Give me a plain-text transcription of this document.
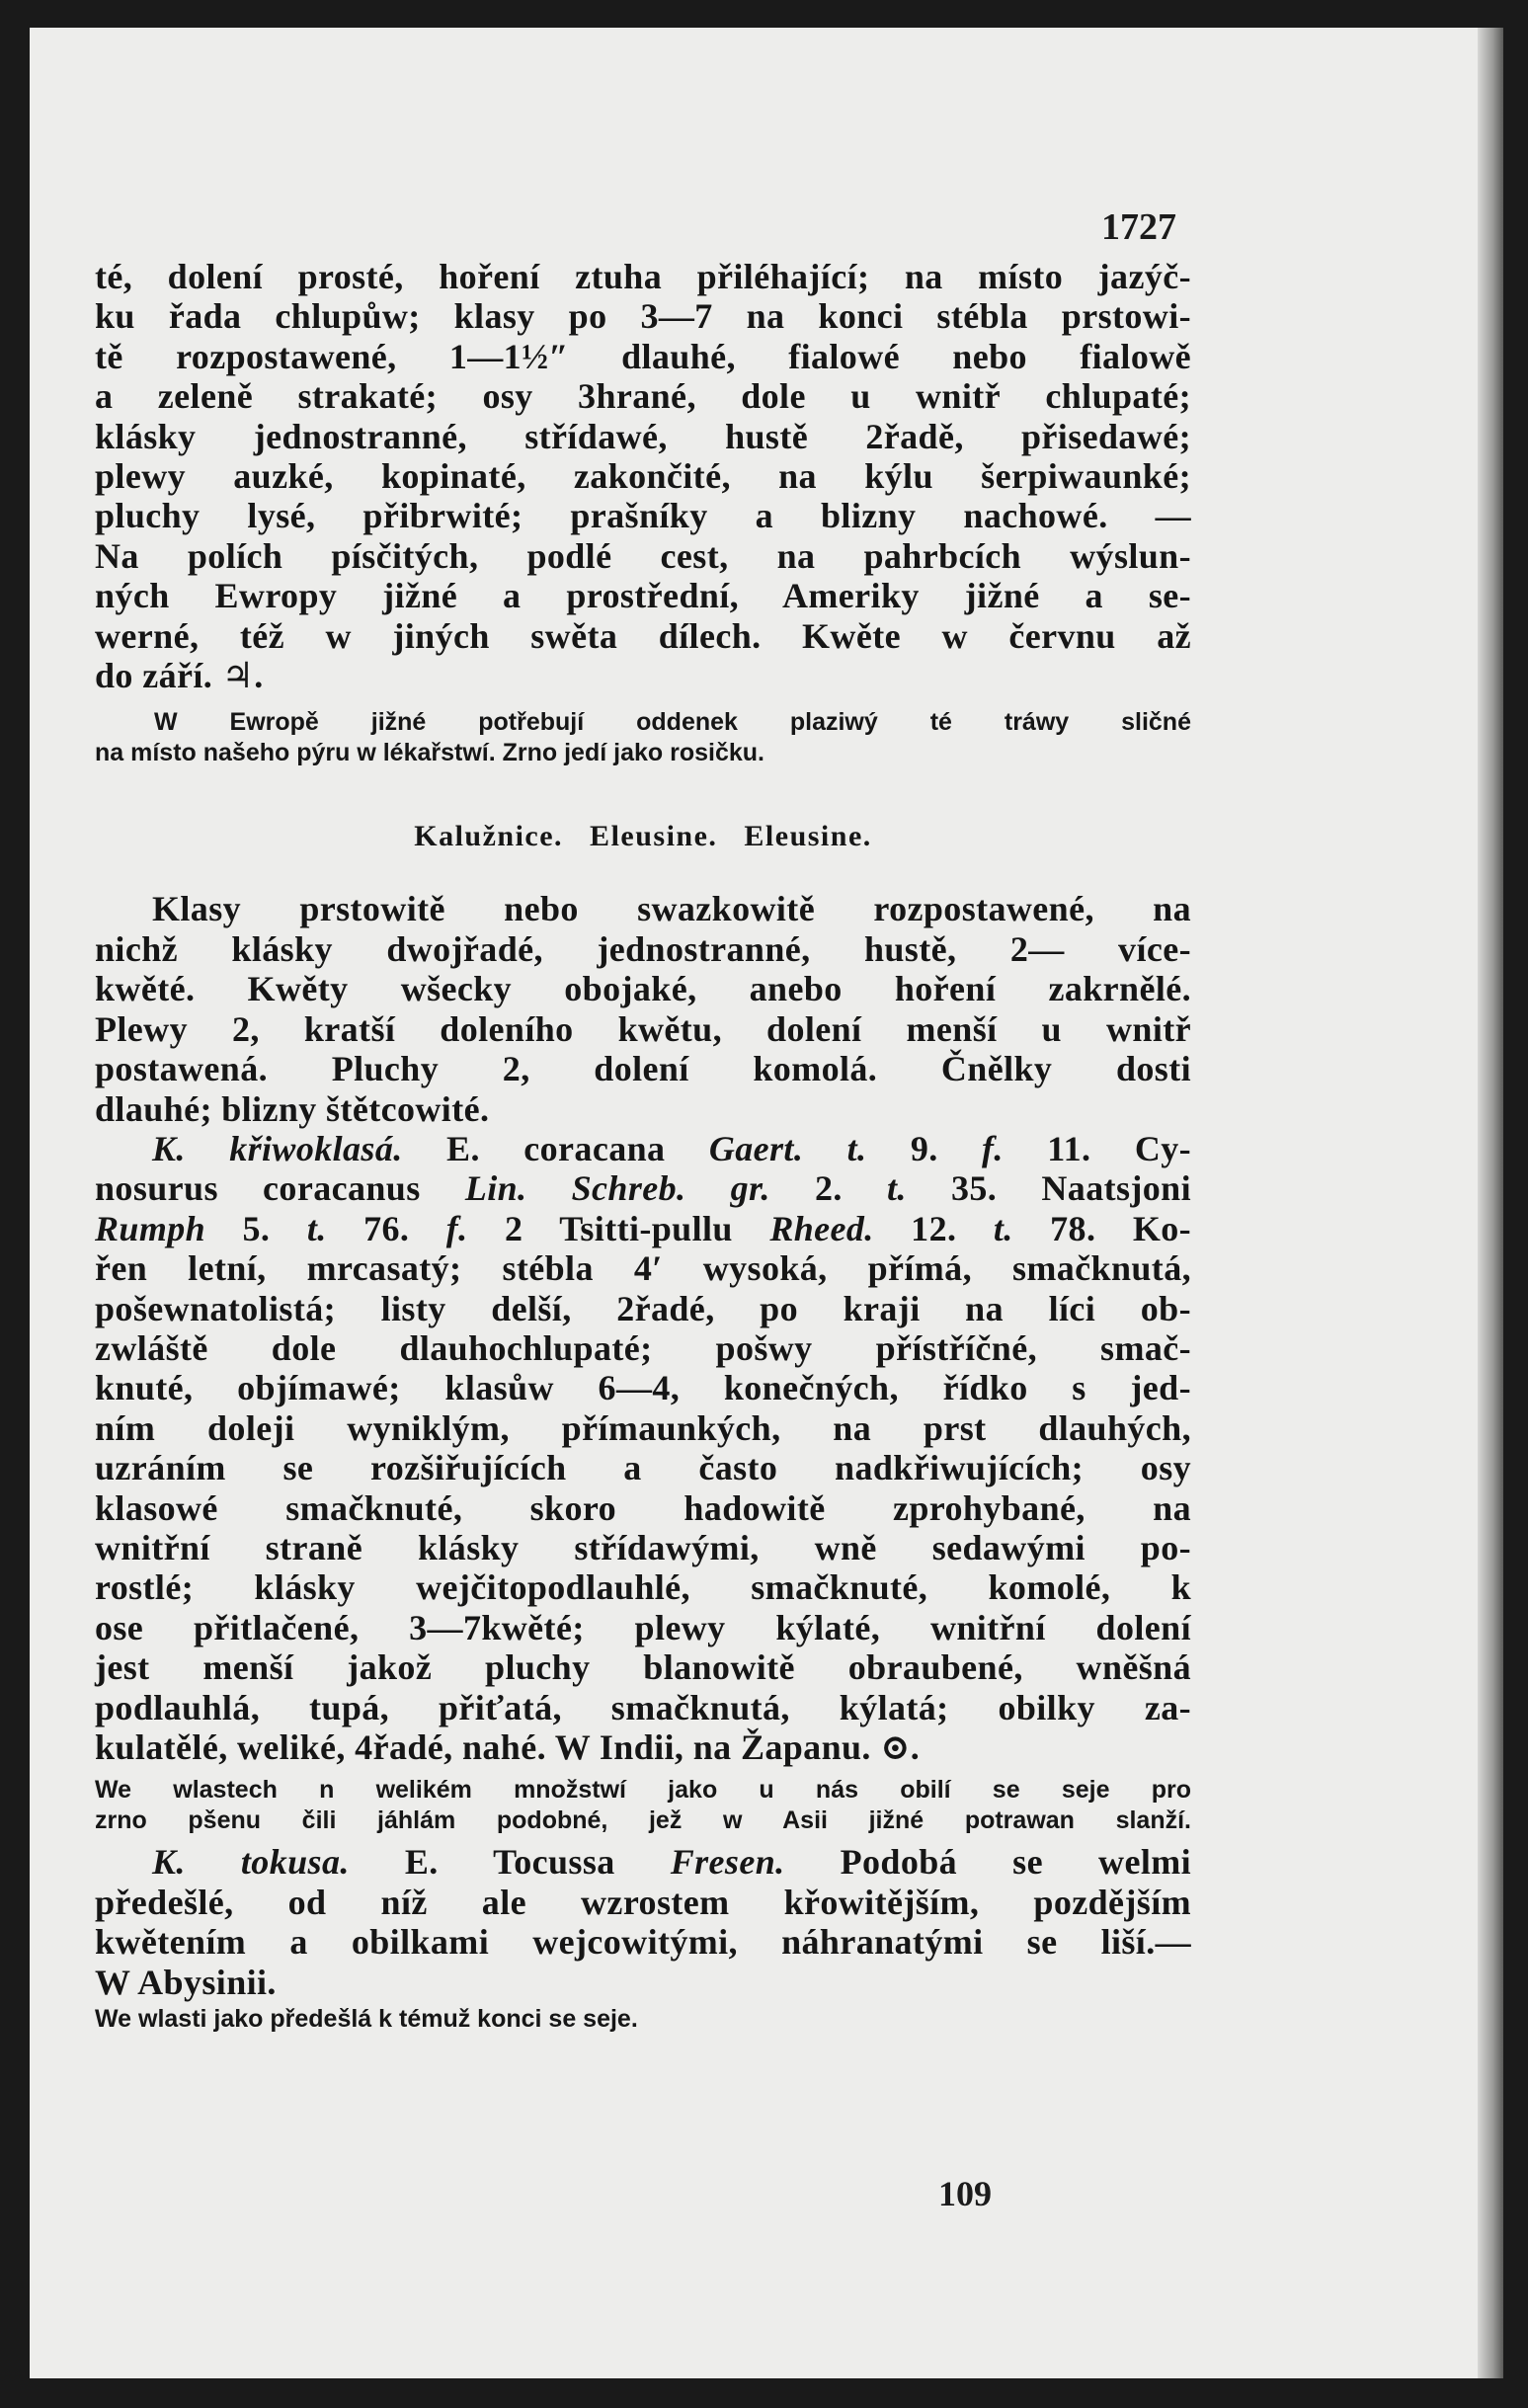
1727
té, dolení prosté, hoření ztuha přiléhající; na místo jazýč-
ku řada chlupůw; klasy po 3—7 na konci stébla prstowi-
tě rozpostawené, 1—1½″ dlauhé, fialowé nebo fialowě
a zeleně strakaté; osy 3hrané, dole u wnitř chlupaté;
klásky jednostranné, střídawé, hustě 2řadě, přisedawé;
plewy auzké, kopinaté, zakončité, na kýlu šerpiwaunké;
pluchy lysé, přibrwité; prašníky a blizny nachowé. —
Na polích písčitých, podlé cest, na pahrbcích wýslun-
ných Ewropy jižné a prostřední, Ameriky jižné a se-
werné, též w jiných swěta dílech. Kwěte w červnu až
do září. ♃.
W Ewropě jižné potřebují oddenek plaziwý té tráwy sličné
na místo našeho pýru w lékařstwí. Zrno jedí jako rosičku.
Kalužnice.   Eleusine.   Eleusine.
Klasy prstowitě nebo swazkowitě rozpostawené, na
nichž klásky dwojřadé, jednostranné, hustě, 2— více-
kwěté. Kwěty wšecky obojaké, anebo hoření zakrnělé.
Plewy 2, kratší doleního kwětu, dolení menší u wnitř
postawená. Pluchy 2, dolení komolá. Čnělky dosti
dlauhé; blizny štětcowité.
K. křiwoklasá. E. coracana Gaert. t. 9. f. 11. Cy-
nosurus coracanus Lin. Schreb. gr. 2. t. 35. Naatsjoni
Rumph 5. t. 76. f. 2 Tsitti-pullu Rheed. 12. t. 78. Ko-
řen letní, mrcasatý; stébla 4′ wysoká, přímá, smačknutá,
pošewnatolistá; listy delší, 2řadé, po kraji na líci ob-
zwláště dole dlauhochlupaté; pošwy přístříčné, smač-
knuté, objímawé; klasůw 6—4, konečných, řídko s jed-
ním doleji wyniklým, přímaunkých, na prst dlauhých,
uzráním se rozšiřujících a často nadkřiwujících; osy
klasowé smačknuté, skoro hadowitě zprohybané, na
wnitřní straně klásky střídawými, wně sedawými po-
rostlé; klásky wejčitopodlauhlé, smačknuté, komolé, k
ose přitlačené, 3—7kwěté; plewy kýlaté, wnitřní dolení
jest menší jakož pluchy blanowitě obraubené, wněšná
podlauhlá, tupá, přiťatá, smačknutá, kýlatá; obilky za-
kulatělé, weliké, 4řadé, nahé. W Indii, na Žapanu. ⊙.
We wlastech n welikém množstwí jako u nás obilí se seje pro
zrno pšenu čili jáhlám podobné, jež w Asii jižné potrawan slanží.
K. tokusa. E. Tocussa Fresen. Podobá se welmi
předešlé, od níž ale wzrostem křowitějším, pozdějším
kwětením a obilkami wejcowitými, náhranatými se liší.—
W Abysinii.
We wlasti jako předešlá k témuž konci se seje.
109
